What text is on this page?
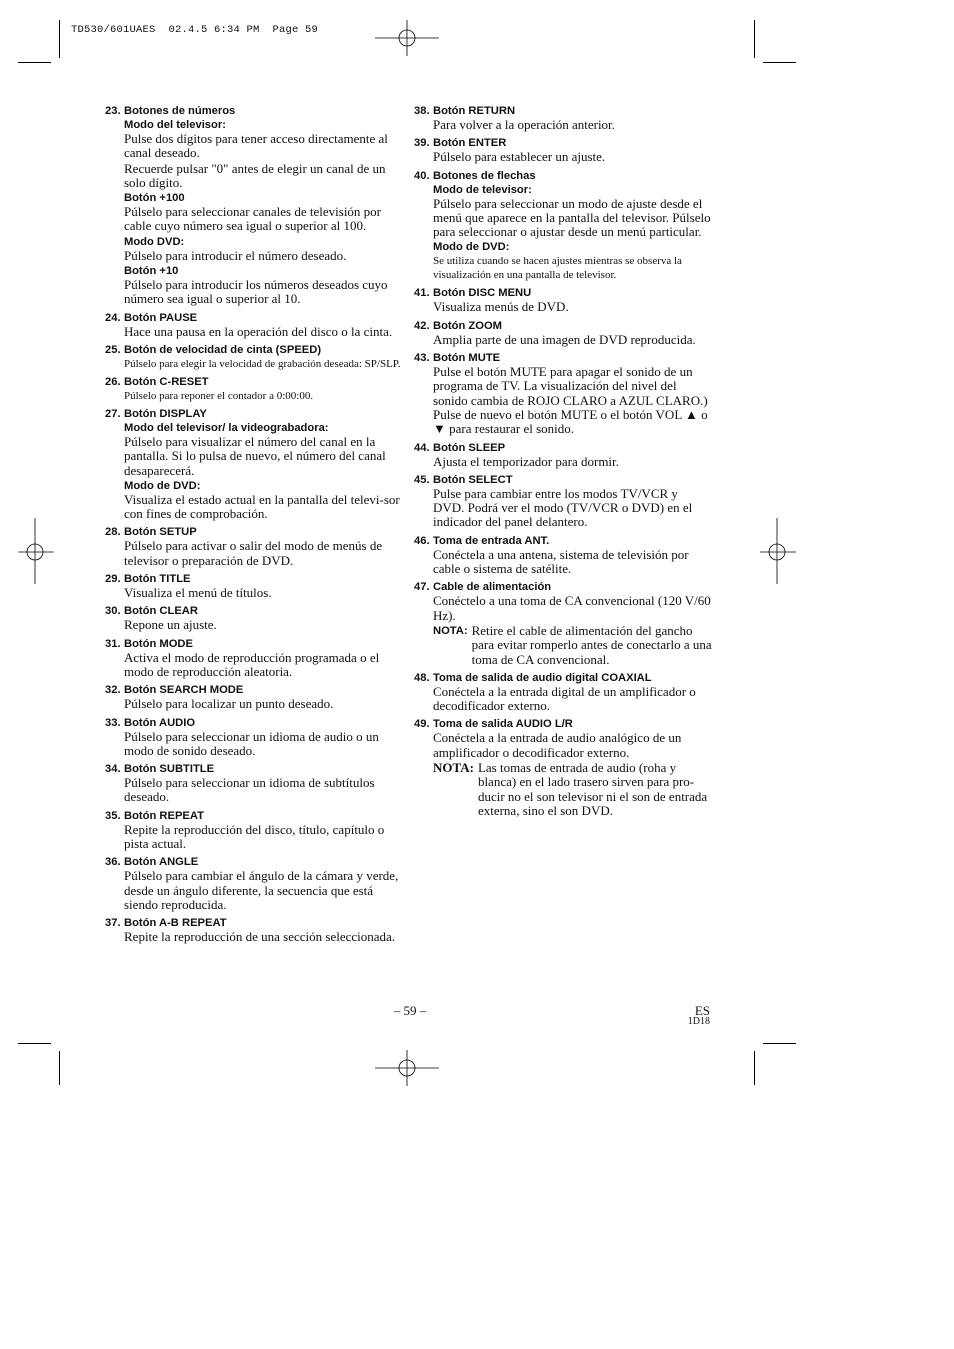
TD530/601UAES  02.4.5 6:34 PM  Page 59
23. Botones de números
Modo del televisor:
Pulse dos dígitos para tener acceso directamente al canal deseado.
Recuerde pulsar "0" antes de elegir un canal de un solo dígito.
Botón +100
Púlselo para seleccionar canales de televisión por cable cuyo número sea igual o superior al 100.
Modo DVD:
Púlselo para introducir el número deseado.
Botón +10
Púlselo para introducir los números deseados cuyo número sea igual o superior al 10.
24. Botón PAUSE
Hace una pausa en la operación del disco o la cinta.
25. Botón de velocidad de cinta (SPEED)
Púlselo para elegir la velocidad de grabación deseada: SP/SLP.
26. Botón C-RESET
Púlselo para reponer el contador a 0:00:00.
27. Botón DISPLAY
Modo del televisor/ la videograbadora:
Púlselo para visualizar el número del canal en la pantalla. Si lo pulsa de nuevo, el número del canal desaparecerá.
Modo de DVD:
Visualiza el estado actual en la pantalla del televi-sor con fines de comprobación.
28. Botón SETUP
Púlselo para activar o salir del modo de menús de televisor o preparación de DVD.
29. Botón TITLE
Visualiza el menú de títulos.
30. Botón CLEAR
Repone un ajuste.
31. Botón MODE
Activa el modo de reproducción programada o el modo de reproducción aleatoria.
32. Botón SEARCH MODE
Púlselo para localizar un punto deseado.
33. Botón AUDIO
Púlselo para seleccionar un idioma de audio o un modo de sonido deseado.
34. Botón SUBTITLE
Púlselo para seleccionar un idioma de subtítulos deseado.
35. Botón REPEAT
Repite la reproducción del disco, título, capítulo o pista actual.
36. Botón ANGLE
Púlselo para cambiar el ángulo de la cámara y verde, desde un ángulo diferente, la secuencia que está siendo reproducida.
37. Botón A-B REPEAT
Repite la reproducción de una sección seleccionada.
38. Botón RETURN
Para volver a la operación anterior.
39. Botón ENTER
Púlselo para establecer un ajuste.
40. Botones de flechas
Modo de televisor:
Púlselo para seleccionar un modo de ajuste desde el menú que aparece en la pantalla del televisor. Púlselo para seleccionar o ajustar desde un menú particular.
Modo de DVD:
Se utiliza cuando se hacen ajustes mientras se observa la visualización en una pantalla de televisor.
41. Botón DISC MENU
Visualiza menús de DVD.
42. Botón ZOOM
Amplia parte de una imagen de DVD reproducida.
43. Botón MUTE
Pulse el botón MUTE para apagar el sonido de un programa de TV. La visualización del nivel del sonido cambia de ROJO CLARO a AZUL CLARO.) Pulse de nuevo el botón MUTE o el botón VOL ▲ o ▼ para restaurar el sonido.
44. Botón SLEEP
Ajusta el temporizador para dormir.
45. Botón SELECT
Pulse para cambiar entre los modos TV/VCR y DVD. Podrá ver el modo (TV/VCR o DVD) en el indicador del panel delantero.
46. Toma de entrada ANT.
Conéctela a una antena, sistema de televisión por cable o sistema de satélite.
47. Cable de alimentación
Conéctelo a una toma de CA convencional (120 V/60 Hz).
NOTA: Retire el cable de alimentación del gancho para evitar romperlo antes de conectarlo a una toma de CA convencional.
48. Toma de salida de audio digital COAXIAL
Conéctela a la entrada digital de un amplificador o decodificador externo.
49. Toma de salida AUDIO L/R
Conéctela a la entrada de audio analógico de un amplificador o decodificador externo.
NOTA: Las tomas de entrada de audio (roha y blanca) en el lado trasero sirven para pro-ducir no el son televisor ni el son de entrada externa, sino el son DVD.
– 59 –	ES
1D18
